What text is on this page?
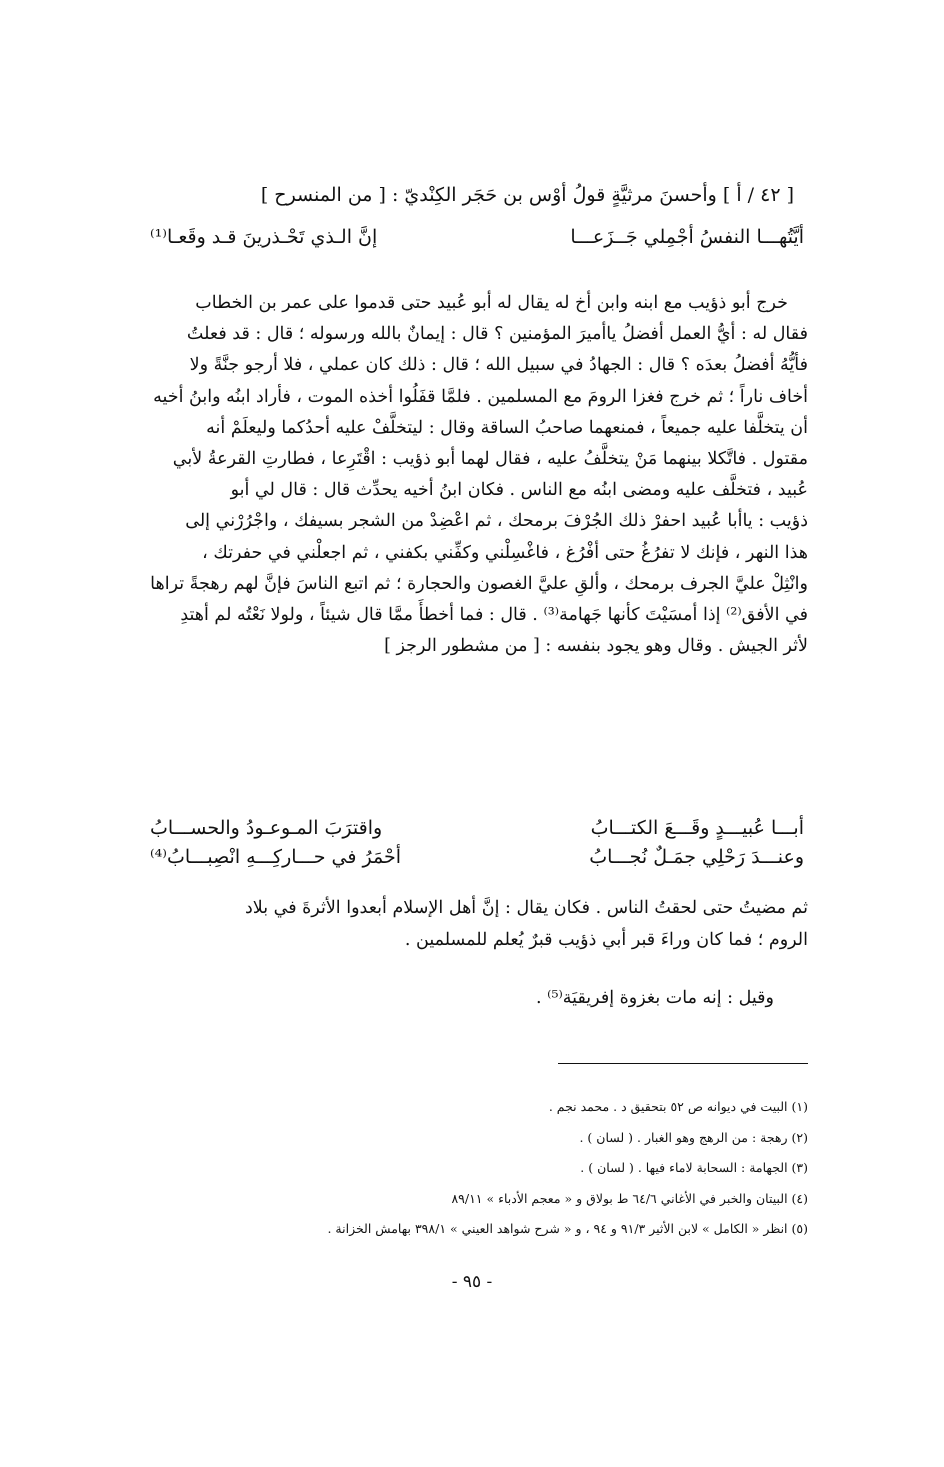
[ ٤٢ / أ ] وأحسنَ مرثيَّةٍ قولُ أوْس بن حَجَر الكِنْديّ : [ من المنسرح ]
أيَّتُهـــا النفسُ أجْمِلي جَــزَعـــا
إنَّ الـذي تَحْـذرينَ قـد وقَعـا⁽¹⁾

خرج أبو ذؤيب مع ابنه وابن أخ له يقال له أبو عُبيد حتى قدموا على عمر بن الخطاب

فقال له : أيُّ العمل أفضلُ ياأميرَ المؤمنين ؟ قال : إيمانٌ بالله ورسوله ؛ قال : قد فعلتُ

فأيُّهُ أفضلُ بعدَه ؟ قال : الجهادُ في سبيل الله ؛ قال : ذلك كان عملي ، فلا أرجو جنَّةً ولا

أخاف ناراً ؛ ثم خرج فغزا الرومَ مع المسلمين . فلمَّا قفَلُوا أخذه الموت ، فأراد ابنُه وابنُ أخيه

أن يتخلَّفا عليه جميعاً ، فمنعهما صاحبُ الساقة وقال : ليتخلَّفْ عليه أحدُكما وليعلَمْ أنه

مقتول . فاتَّكلا بينهما مَنْ يتخلَّفُ عليه ، فقال لهما أبو ذؤيب : اقْتَرِعا ، فطارتِ القرعةُ لأبي

عُبيد ، فتخلَّف عليه ومضى ابنُه مع الناس . فكان ابنُ أخيه يحدِّث قال : قال لي أبو

ذؤيب : ياأبا عُبيد احفرْ ذلك الجُرْفَ برمحك ، ثم اعْضِدْ من الشجر بسيفك ، واجْرُرْني إلى

هذا النهر ، فإنك لا تفرُغُ حتى أفْرُغ ، فاغْسِلْني وكفِّني بكفني ، ثم اجعلْني في حفرتك ،

وانْثِلْ عليَّ الجرف برمحك ، وألقِ عليَّ الغصون والحجارة ؛ ثم اتبع الناسَ فإنَّ لهم رهجةً تراها

في الأفق⁽²⁾ إذا أمسَيْتَ كأنها جَهامة⁽³⁾ . قال : فما أخطأَ ممَّا قال شيئاً ، ولولا نَعْتُه لم أهتدِ

لأثر الجيش . وقال وهو يجود بنفسه : [ من مشطور الرجز ]

أبـــا عُبيـــدٍ وقَـــعَ الكتـــابُ
واقترَبَ المـوعـودُ والحســـابُ
وعنـــدَ رَحْلِي جمَـلٌ نُجـــابُ
أحْمَرُ في حـــاركِـــهِ انْصِبـــابُ⁽⁴⁾

ثم مضيتُ حتى لحقتُ الناس . فكان يقال : إنَّ أهل الإسلام أبعدوا الأثرةَ في بلاد

الروم ؛ فما كان وراءَ قبر أبي ذؤيب قبرٌ يُعلم للمسلمين .

وقيل : إنه مات بغزوة إفريقيَة⁽⁵⁾ .
(١) البيت في ديوانه ص ٥٢ بتحقيق د . محمد نجم .
(٢) رهجة : من الرهج وهو الغبار . ( لسان ) .
(٣) الجهامة : السحابة لاماء فيها . ( لسان ) .
(٤) البيتان والخبر في الأغاني ٦٤/٦ ط بولاق و « معجم الأدباء » ٨٩/١١
(٥) انظر « الكامل » لابن الأثير ٩١/٣ و ٩٤ ، و « شرح شواهد العيني » ٣٩٨/١ بهامش الخزانة .
- ٩٥ -
